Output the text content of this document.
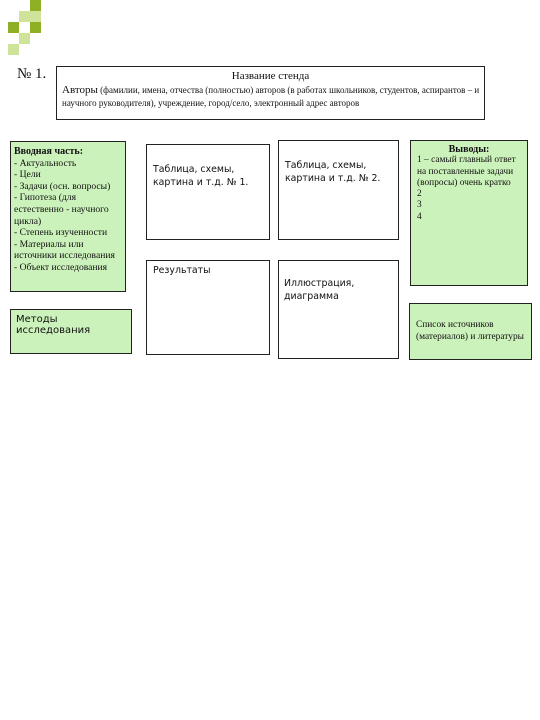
№ 1.	Название стенда
Авторы (фамилии, имена, отчества (полностью) авторов (в работах школьников, студентов, аспирантов – и научного руководителя), учреждение, город/село, электронный адрес авторов
Вводная часть:
- Актуальность
- Цели
- Задачи (осн. вопросы)
- Гипотеза (для естественно - научного цикла)
- Степень изученности
- Материалы или источники исследования
- Объект исследования
Методы исследования
Таблица, схемы, картина и т.д. № 1.
Таблица, схемы, картина и т.д. № 2.
Результаты
Иллюстрация, диаграмма
Выводы:
1 – самый главный ответ на поставленные задачи (вопросы) очень кратко
2
3
4
Список источников (материалов) и литературы
